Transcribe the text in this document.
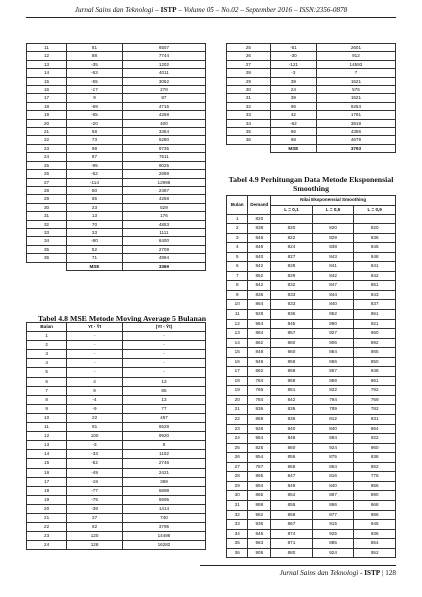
Jurnal Sains dan Teknologi – ISTP – Volume 05 – No.02 – September 2016 – ISSN:2356-0878
11	81	6507
12	88	7744
13	-35	1202
14	-63	4011
15	-55	3062
16	-17	278
17	9	87
18	-69	4715
19	-65	4268
20	-20	400
21	58	3364
22	73	5280
23	99	9735
24	87	7511
25	-95	9025
26	-52	2669
27	-114	12996
28	50	2467
29	65	4268
30	23	529
31	13	176
32	70	4853
33	33	1111
34	-80	6400
35	52	2709
36	71	4994
	MSE	3369
Tabel 4.8 MSE Metode Moving Average 5 Bulanan
Bulan	Yt - Ŷt	(Yt - Ŷt)
1	-	-
2	-	-
3	-	-
4	-	-
5	-	-
6	4	13
7	9	85
8	-4	13
9	-9	77
10	22	467
11	81	6529
12	100	9920
13	-3	8
14	-33	1102
15	-52	2746
16	-49	2421
17	-19	369
18	-77	5898
19	-75	5595
20	-38	1414
21	27	740
22	62	3795
23	120	14496
24	128	16282
25	-51	2601
26	-30	912
27	-121	14593
28	-3	7
29	39	1521
30	24	576
31	39	1521
32	96	9254
33	42	1781
34	-62	3819
35	66	4356
36	68	4679
	MSE	3793
Tabel 4.9 Perhitungan Data Metode Eksponensial
Smoothing
Bulan	Demand	Nilai Eksponensial Smoothing		
		L = 0,1	L = 0,5	L = 0,9
1	820			
2	838	820	820	820
3	846	822	829	836
4	848	824	838	845
5	840	827	843	848
6	842	828	841	841
7	852	829	842	842
8	842	832	847	851
9	836	833	844	843
10	864	833	840	837
11	928	836	852	861
12	964	845	890	921
13	884	857	927	960
14	862	860	906	892
15	848	860	884	865
16	848	859	866	850
17	862	858	857	848
18	784	858	859	861
19	766	851	822	792
20	784	842	794	769
21	836	836	789	782
22	868	836	812	831
23	928	840	840	864
24	964	848	884	922
25	825	860	924	960
26	854	856	875	838
27	767	856	864	852
28	865	847	816	776
29	894	849	840	856
30	865	854	867	890
31	888	855	866	868
32	952	858	877	886
33	935	867	915	945
34	845	874	925	936
35	963	871	885	854
36	905	880	924	952
Jurnal Sains dan Teknologi - ISTP | 128
